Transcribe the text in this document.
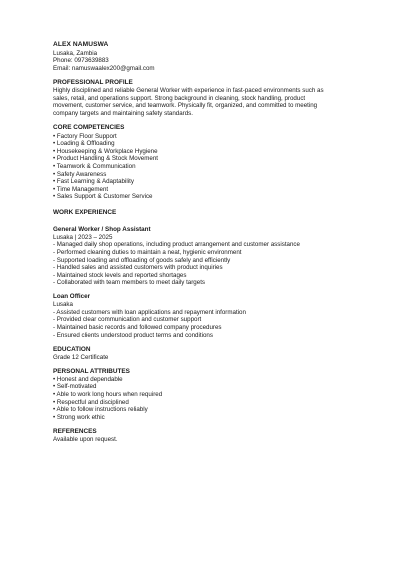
ALEX NAMUSWA
Lusaka, Zambia
Phone: 0973639883
Email: namuswaalex200@gmail.com
PROFESSIONAL PROFILE
Highly disciplined and reliable General Worker with experience in fast-paced environments such as
sales, retail, and operations support. Strong background in cleaning, stock handling, product
movement, customer service, and teamwork. Physically fit, organized, and committed to meeting
company targets and maintaining safety standards.
CORE COMPETENCIES
• Factory Floor Support
• Loading & Offloading
• Housekeeping & Workplace Hygiene
• Product Handling & Stock Movement
• Teamwork & Communication
• Safety Awareness
• Fast Learning & Adaptability
• Time Management
• Sales Support & Customer Service
WORK EXPERIENCE
General Worker / Shop Assistant
Lusaka | 2023 – 2025
- Managed daily shop operations, including product arrangement and customer assistance
- Performed cleaning duties to maintain a neat, hygienic environment
- Supported loading and offloading of goods safely and efficiently
- Handled sales and assisted customers with product inquiries
- Maintained stock levels and reported shortages
- Collaborated with team members to meet daily targets
Loan Officer
Lusaka
- Assisted customers with loan applications and repayment information
- Provided clear communication and customer support
- Maintained basic records and followed company procedures
- Ensured clients understood product terms and conditions
EDUCATION
Grade 12 Certificate
PERSONAL ATTRIBUTES
• Honest and dependable
• Self-motivated
• Able to work long hours when required
• Respectful and disciplined
• Able to follow instructions reliably
• Strong work ethic
REFERENCES
Available upon request.
